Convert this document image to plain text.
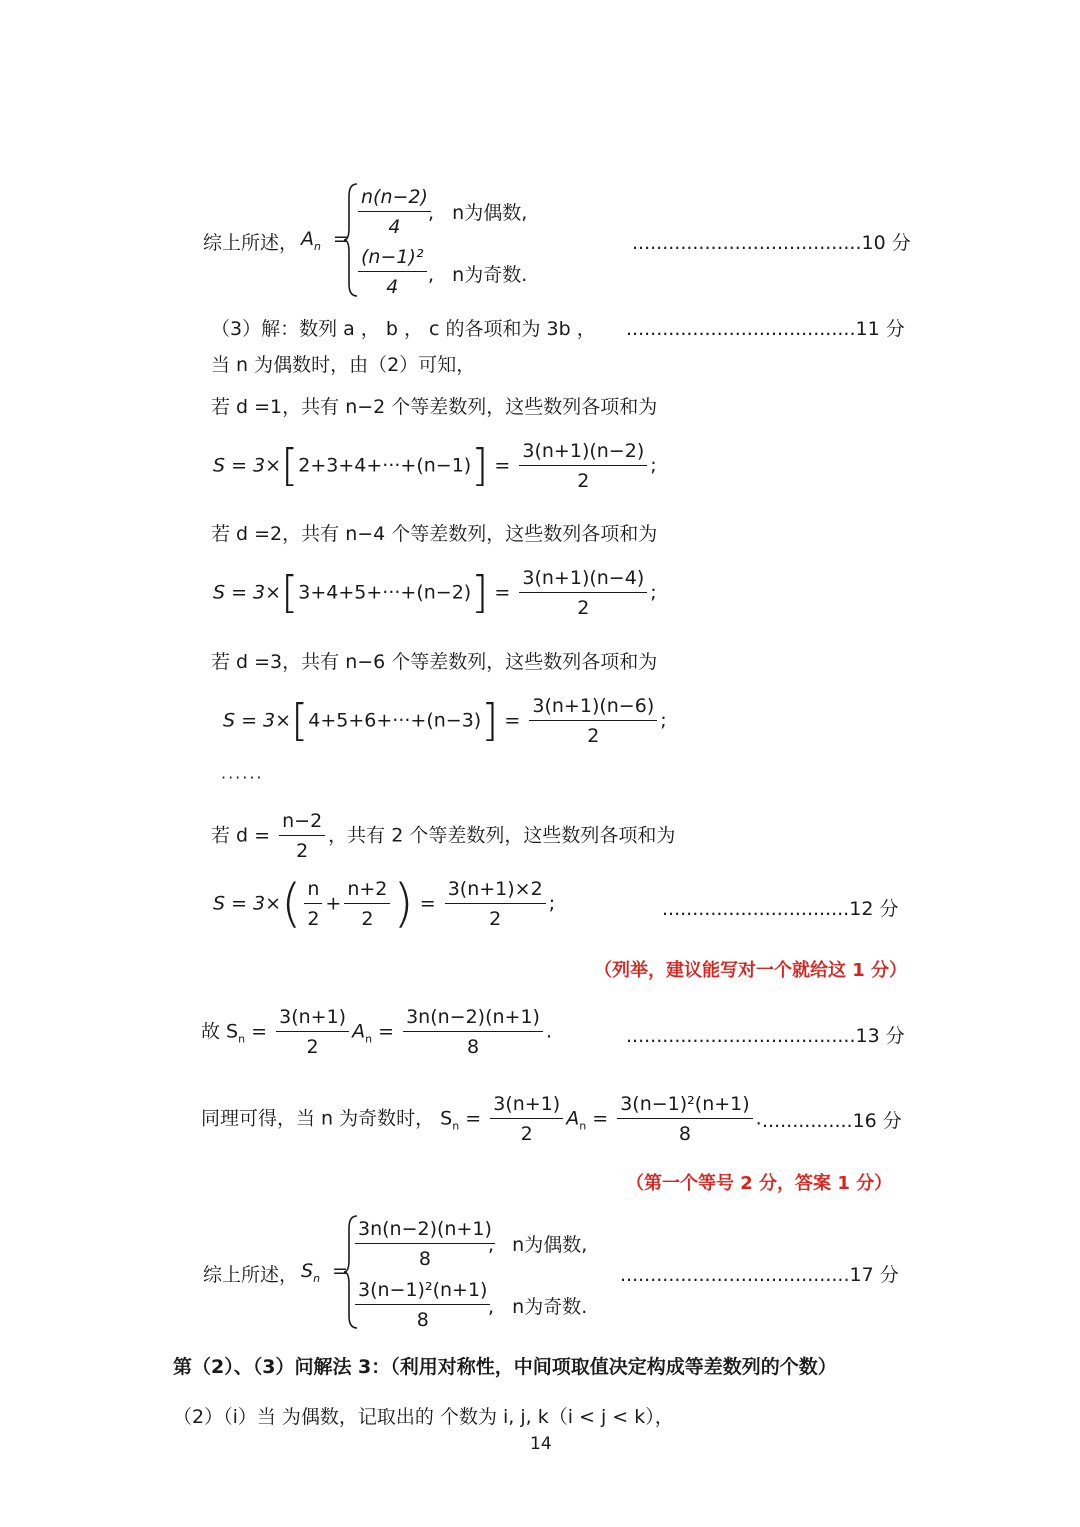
综上所述， $A_n$ =
$\frac{n(n-2)}{4}$
,   n为偶数,
$\frac{\text{(n−1)²}}{4}$ ,   n为奇数.
......................................10 分
（3）解：数列 a ， b ， c 的各项和为 3b ， ......................................11 分
当 n 为偶数时，由（2）可知，
若 d =1，共有 n−2 个等差数列，这些数列各项和为
$S = 3\times[2+3+4+\cdot\cdot\cdot+(n-1)] = \frac{3(n+1)(n-2)}{2}$ ;
若 d =2，共有 n−4 个等差数列，这些数列各项和为
$S = 3\times[3+4+5+\cdot\cdot\cdot+(n-2)] = \frac{3(n+1)(n-4)}{2}$ ;
若 d =3，共有 n−6 个等差数列，这些数列各项和为
$S = 3\times[4+5+6+\cdot\cdot\cdot+(n-3)] = \frac{3(n+1)(n-6)}{2}$ ;
······
若 $d = \frac{n-2}{2}$ ，共有 2 个等差数列，这些数列各项和为
$S = 3\times( \frac{n}{2} + \frac{n+2}{2}$ ) = $\frac{3(n+1)\times 2}{2}$ ;	...............................12 分
（列举，建议能写对一个就给这 1 分）
故 $S_n = \frac{3(n+1)}{2} A_n = \frac{3n(n-2)(n+1)}{8}$ .	......................................13 分
同理可得，当 n 为奇数时， $S_n = \frac{3(n+1)}{2} A_n = \frac{\text{3(n−1)²(n+1)}}{8}$ . ...............16 分
（第一个等号 2 分，答案 1 分）
综上所述， $S_n$ =
$\frac{3n(n-2)(n+1)}{8}$
,   n为偶数,
$\frac{\text{3(n−1)²(n+1)}}{8}$
,   n为奇数.
......................................17 分
第（2）、（3）问解法 3：（利用对称性，中间项取值决定构成等差数列的个数）
（2）（i）当 为偶数，记取出的 个数为 i, j, k（i < j < k），
14
